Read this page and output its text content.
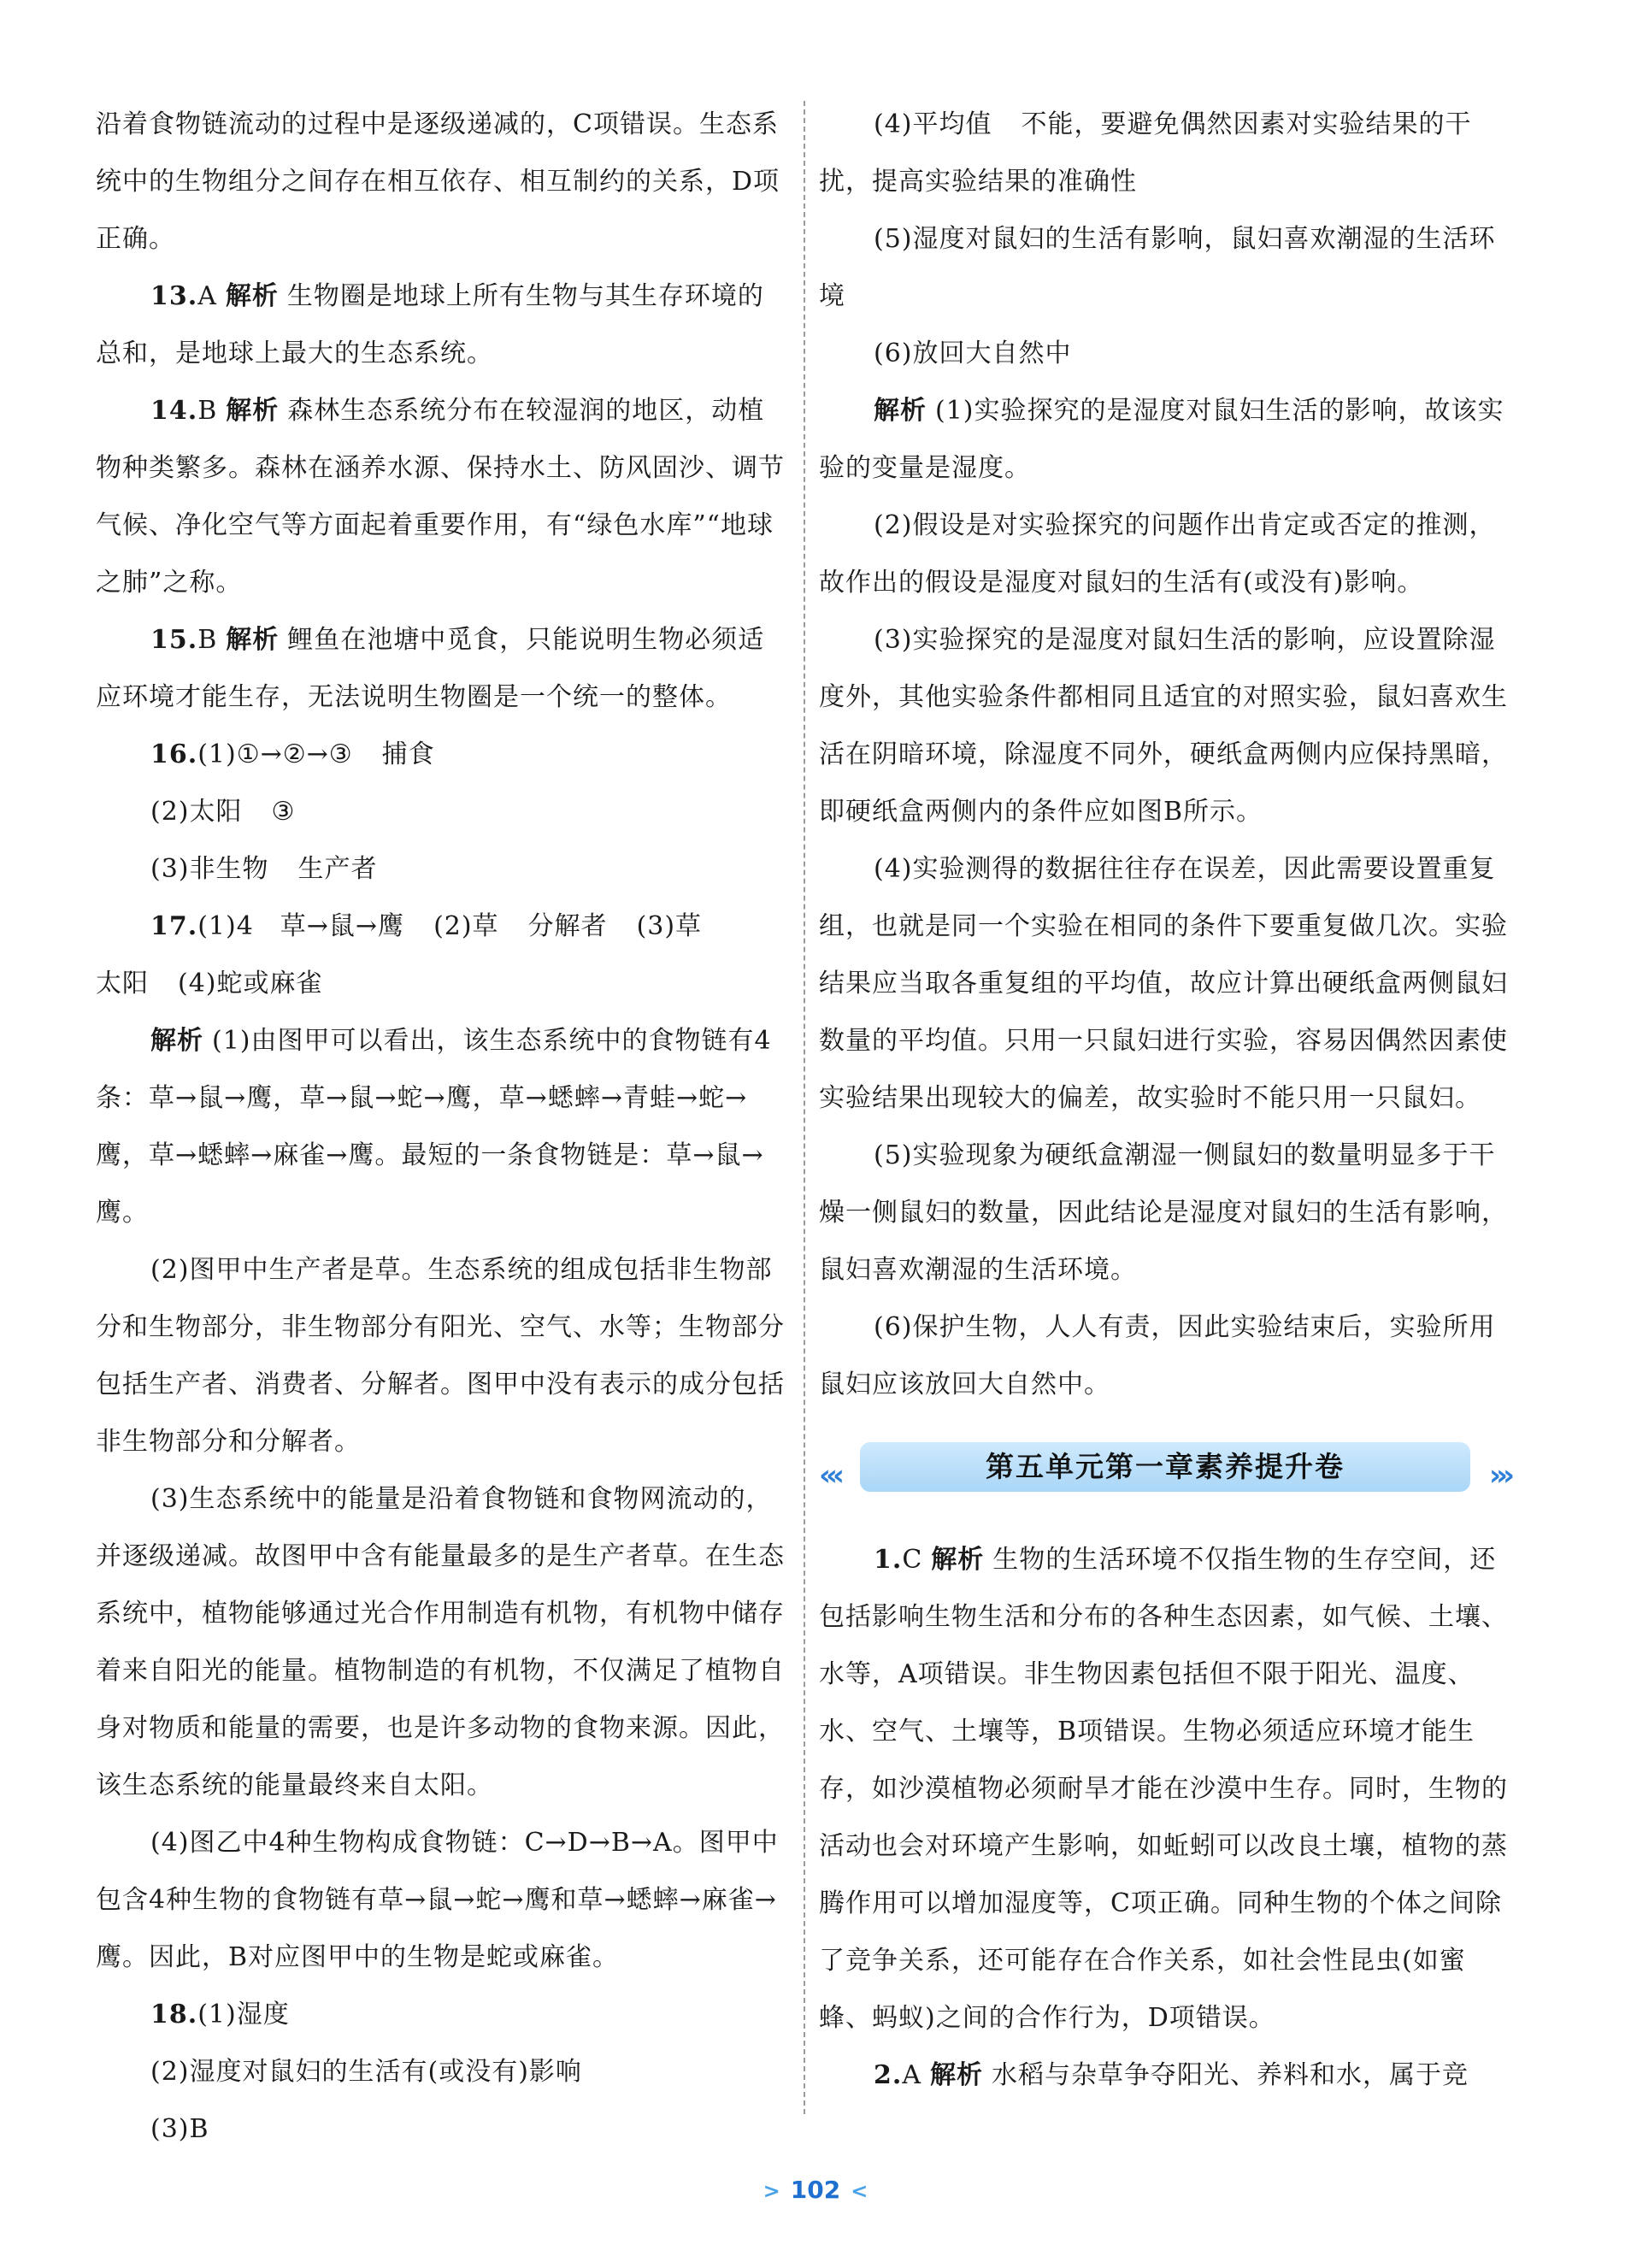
沿着食物链流动的过程中是逐级递减的，C项错误。生态系统中的生物组分之间存在相互依存、相互制约的关系，D项正确。

13.A 解析 生物圈是地球上所有生物与其生存环境的总和，是地球上最大的生态系统。

14.B 解析 森林生态系统分布在较湿润的地区，动植物种类繁多。森林在涵养水源、保持水土、防风固沙、调节气候、净化空气等方面起着重要作用，有“绿色水库”“地球之肺”之称。

15.B 解析 鲤鱼在池塘中觅食，只能说明生物必须适应环境才能生存，无法说明生物圈是一个统一的整体。

16.(1)①→②→③ 捕食

(2)太阳 ③

(3)非生物 生产者

17.(1)4　草→鼠→鹰 (2)草 分解者 (3)草

太阳 (4)蛇或麻雀

解析 (1)由图甲可以看出，该生态系统中的食物链有4条：草→鼠→鹰，草→鼠→蛇→鹰，草→蟋蟀→青蛙→蛇→鹰，草→蟋蟀→麻雀→鹰。最短的一条食物链是：草→鼠→鹰。

(2)图甲中生产者是草。生态系统的组成包括非生物部分和生物部分，非生物部分有阳光、空气、水等；生物部分包括生产者、消费者、分解者。图甲中没有表示的成分包括非生物部分和分解者。

(3)生态系统中的能量是沿着食物链和食物网流动的，并逐级递减。故图甲中含有能量最多的是生产者草。在生态系统中，植物能够通过光合作用制造有机物，有机物中储存着来自阳光的能量。植物制造的有机物，不仅满足了植物自身对物质和能量的需要，也是许多动物的食物来源。因此，该生态系统的能量最终来自太阳。

(4)图乙中4种生物构成食物链：C→D→B→A。图甲中包含4种生物的食物链有草→鼠→蛇→鹰和草→蟋蟀→麻雀→鹰。因此，B对应图甲中的生物是蛇或麻雀。

18.(1)湿度

(2)湿度对鼠妇的生活有(或没有)影响

(3)B

(4)平均值 不能，要避免偶然因素对实验结果的干扰，提高实验结果的准确性

(5)湿度对鼠妇的生活有影响，鼠妇喜欢潮湿的生活环境

(6)放回大自然中

解析 (1)实验探究的是湿度对鼠妇生活的影响，故该实验的变量是湿度。

(2)假设是对实验探究的问题作出肯定或否定的推测，故作出的假设是湿度对鼠妇的生活有(或没有)影响。

(3)实验探究的是湿度对鼠妇生活的影响，应设置除湿度外，其他实验条件都相同且适宜的对照实验，鼠妇喜欢生活在阴暗环境，除湿度不同外，硬纸盒两侧内应保持黑暗，即硬纸盒两侧内的条件应如图B所示。

(4)实验测得的数据往往存在误差，因此需要设置重复组，也就是同一个实验在相同的条件下要重复做几次。实验结果应当取各重复组的平均值，故应计算出硬纸盒两侧鼠妇数量的平均值。只用一只鼠妇进行实验，容易因偶然因素使实验结果出现较大的偏差，故实验时不能只用一只鼠妇。

(5)实验现象为硬纸盒潮湿一侧鼠妇的数量明显多于干燥一侧鼠妇的数量，因此结论是湿度对鼠妇的生活有影响，鼠妇喜欢潮湿的生活环境。

(6)保护生物，人人有责，因此实验结束后，实验所用鼠妇应该放回大自然中。

‹‹‹	第五单元第一章素养提升卷	›››

1.C 解析 生物的生活环境不仅指生物的生存空间，还包括影响生物生活和分布的各种生态因素，如气候、土壤、水等，A项错误。非生物因素包括但不限于阳光、温度、水、空气、土壤等，B项错误。生物必须适应环境才能生存，如沙漠植物必须耐旱才能在沙漠中生存。同时，生物的活动也会对环境产生影响，如蚯蚓可以改良土壤，植物的蒸腾作用可以增加湿度等，C项正确。同种生物的个体之间除了竞争关系，还可能存在合作关系，如社会性昆虫(如蜜蜂、蚂蚁)之间的合作行为，D项错误。

2.A 解析 水稻与杂草争夺阳光、养料和水，属于竞

> 102 <
